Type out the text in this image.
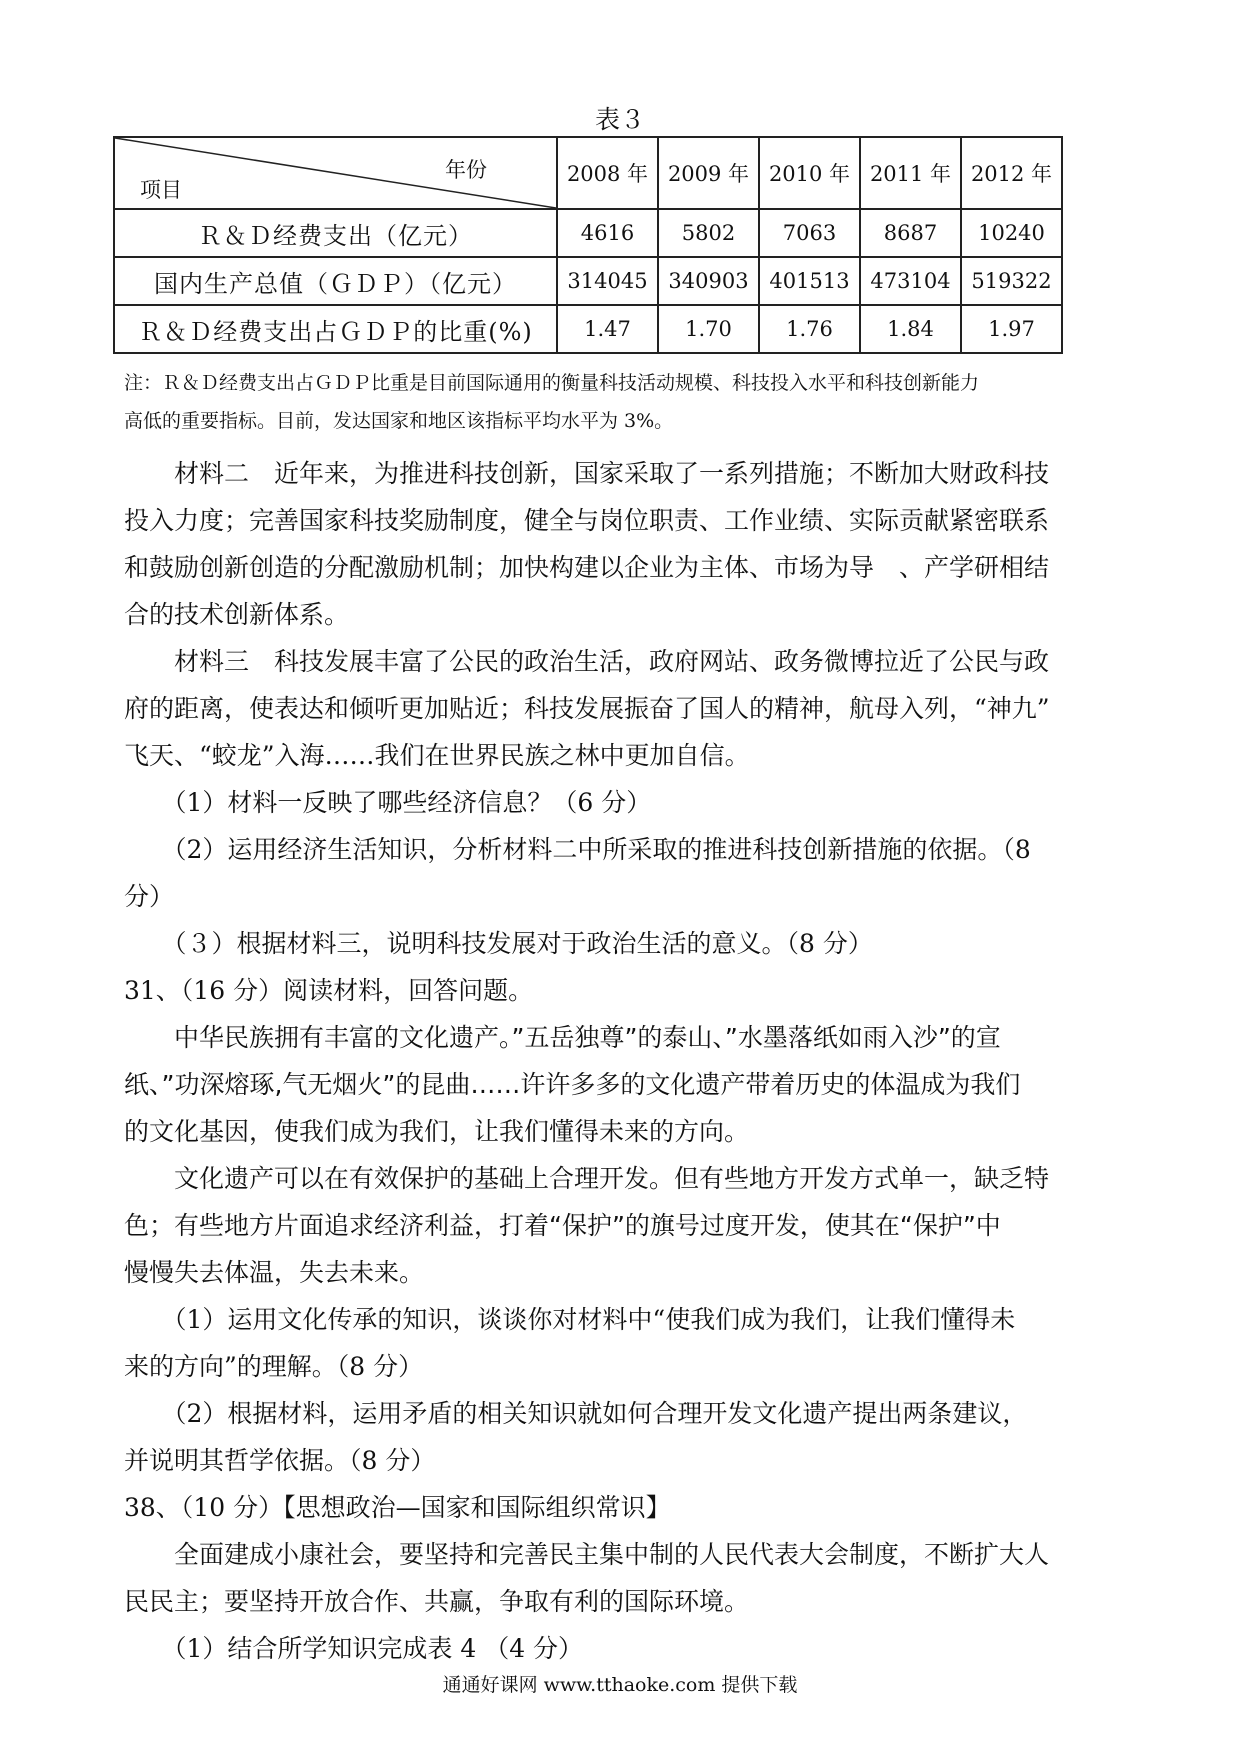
表３
年份
项目	2008 年	2009 年	2010 年	2011 年	2012 年
Ｒ＆Ｄ经费支出（亿元）	4616	5802	7063	8687	10240
国内生产总值（ＧＤＰ）（亿元）	314045	340903	401513	473104	519322
Ｒ＆Ｄ经费支出占ＧＤＰ的比重(%)	1.47	1.70	1.76	1.84	1.97
注：Ｒ＆Ｄ经费支出占ＧＤＰ比重是目前国际通用的衡量科技活动规模、科技投入水平和科技创新能力
高低的重要指标。目前，发达国家和地区该指标平均水平为 3%。
　　材料二　近年来，为推进科技创新，国家采取了一系列措施；不断加大财政科技
投入力度；完善国家科技奖励制度，健全与岗位职责、工作业绩、实际贡献紧密联系
和鼓励创新创造的分配激励机制；加快构建以企业为主体、市场为导　、产学研相结
合的技术创新体系。
　　材料三　科技发展丰富了公民的政治生活，政府网站、政务微博拉近了公民与政
府的距离，使表达和倾听更加贴近；科技发展振奋了国人的精神，航母入列，“神九”
飞天、“蛟龙”入海……我们在世界民族之林中更加自信。
　　（1）材料一反映了哪些经济信息？（6 分）
　　（2）运用经济生活知识，分析材料二中所采取的推进科技创新措施的依据。（8
分）
　　（３）根据材料三，说明科技发展对于政治生活的意义。（8 分）
31、（16 分）阅读材料，回答问题。
　　中华民族拥有丰富的文化遗产。”五岳独尊”的泰山、”水墨落纸如雨入沙”的宣
纸、”功深熔琢,气无烟火”的昆曲……许许多多的文化遗产带着历史的体温成为我们
的文化基因，使我们成为我们，让我们懂得未来的方向。
　　文化遗产可以在有效保护的基础上合理开发。但有些地方开发方式单一，缺乏特
色；有些地方片面追求经济利益，打着“保护”的旗号过度开发，使其在“保护”中
慢慢失去体温，失去未来。
　　（1）运用文化传承的知识，谈谈你对材料中“使我们成为我们，让我们懂得未
来的方向”的理解。（8 分）
　　（2）根据材料，运用矛盾的相关知识就如何合理开发文化遗产提出两条建议，
并说明其哲学依据。（8 分）
38、（10 分）【思想政治—国家和国际组织常识】
　　全面建成小康社会，要坚持和完善民主集中制的人民代表大会制度，不断扩大人
民民主；要坚持开放合作、共赢，争取有利的国际环境。
　　（1）结合所学知识完成表 4 （4 分）
通通好课网 www.tthaoke.com 提供下载
